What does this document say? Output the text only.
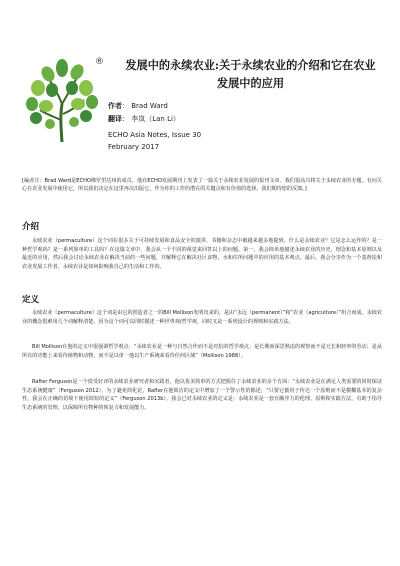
®	发展中的永续农业:关于永续农业的介绍和它在农业
发展中的应用
作者： Brad Ward
翻译： 李岚（Lan Li）
ECHO Asia Notes, Issue 30
February 2017
[编者注：Brad Ward是ECHO佛罗里达州的成员，他在ECHO发展期刊上发表了一篇关于永续农业发展的报刊文章。我们很高兴将关于永续农业的专题，有问关心在农业发展中使用它，所以我们决定在这里再次出版它，作为你的工作的潜在的关键点和有价值的选择。我们期待您的反馈。]
介绍
永续农业（permaculture）这个词在很多关于可持续发展和食品安全的演讲、书籍和杂志中被越来越多地提到。什么是永续农业？它是怎么运作的？是一种哲学观吗？是一系列简单的工具吗？在这篇文章中，我会从一个不同的视觉来回答以上的问题。第一，我会简单地描述永续农业的历史、理念和基本原则以及最近的应用，然后我会讨论永续农业在解决当前的一些问题，并解释它在解决社区食物、水和住所问题中的应用的基本观点。最后，我会分享作为一个基督徒和农业发展工作者，永续农业是如何影响我自己的生活和工作的。
定义
永续农业（permaculture）这个词是由它的创造者之一的Bill Mollison发明出来的，是由“永远（permanent）”和“农业（agriculture）”组合而成。永续农业的概念很难用几个词解释清楚，因为这个词可以同时描述一种世界观/哲学观，同时又是一系列设计的规则和实践方法。
Bill Mollison在他的定义中很强调哲学观点：“永续农业是一种与自然合作而不是对抗的哲学观点；是长期而深思熟虑的观察而不是冗长和轻率的劳动；是从所有的功能上来看待植物和动物，而不是以单一地以生产系统来看待任何区域”（Mollison 1988）。
Rafter Ferguson是一个很受好评的永续农业研究者和实践者，他以优美简单的方式把握住了永续农业的多个方面：“永续农业是在满足人类需要的同时保证生态系统健康”（Ferguson 2012）。为了避免简化论，Rafter在他简洁的定义中增加了一个警示性的陈述，“只要它被用于传达一个原则而不是模糊基本的复杂性，我会在正确的语境下使用简短的定义”（Ferguson 2013b）。我会已对永续农业的定义是：永续农业是一套有顺序力的伦理、原则和实践方法，有助于指导生态系统的管理，以保障所有物种的恢复力和发展能力。
